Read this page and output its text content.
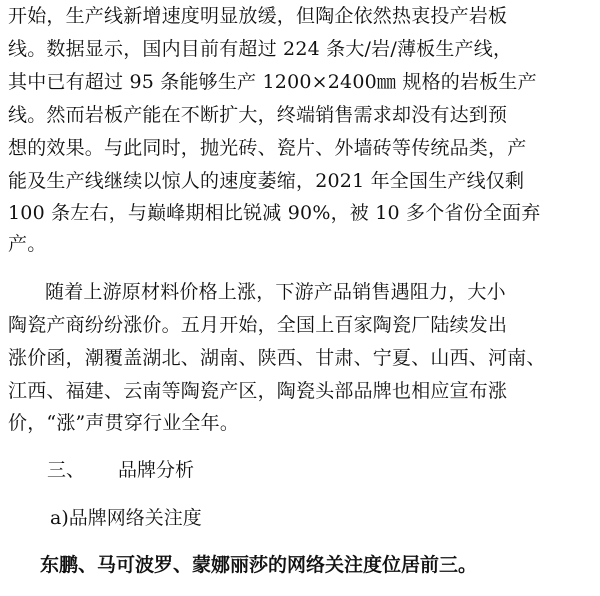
开始，生产线新增速度明显放缓，但陶企依然热衷投产岩板
线。数据显示，国内目前有超过 224 条大/岩/薄板生产线，
其中已有超过 95 条能够生产 1200×2400㎜ 规格的岩板生产
线。然而岩板产能在不断扩大，终端销售需求却没有达到预
想的效果。与此同时，抛光砖、瓷片、外墙砖等传统品类，产
能及生产线继续以惊人的速度萎缩，2021 年全国生产线仅剩
100 条左右，与巅峰期相比锐减 90%，被 10 多个省份全面弃
产。
随着上游原材料价格上涨，下游产品销售遇阻力，大小
陶瓷产商纷纷涨价。五月开始，全国上百家陶瓷厂陆续发出
涨价函，潮覆盖湖北、湖南、陕西、甘肃、宁夏、山西、河南、
江西、福建、云南等陶瓷产区，陶瓷头部品牌也相应宣布涨
价，“涨”声贯穿行业全年。
三、 品牌分析
a)品牌网络关注度
东鹏、马可波罗、蒙娜丽莎的网络关注度位居前三。
